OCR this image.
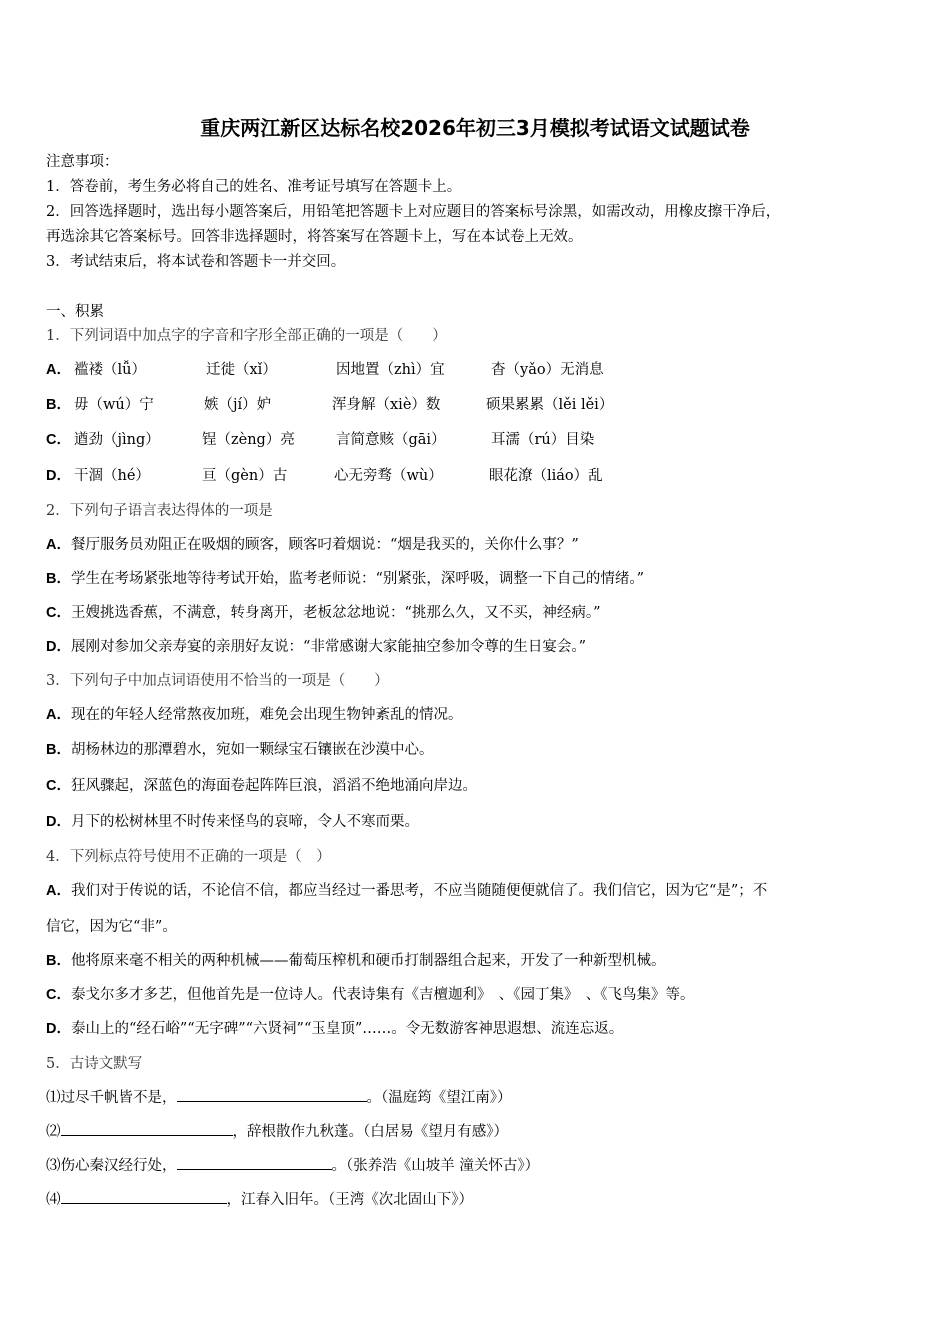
重庆两江新区达标名校2026年初三3月模拟考试语文试题试卷
注意事项：
1．答卷前，考生务必将自己的姓名、准考证号填写在答题卡上。
2．回答选择题时，选出每小题答案后，用铅笔把答题卡上对应题目的答案标号涂黑，如需改动，用橡皮擦干净后，
再选涂其它答案标号。回答非选择题时，将答案写在答题卡上，写在本试卷上无效。
3．考试结束后，将本试卷和答题卡一并交回。
一、积累
1．下列词语中加点字的字音和字形全部正确的一项是（　　）
A． 褴褛（lǚ）	迁徙（xǐ）	因地置（zhì）宜	杳（yǎo）无消息
B． 毋（wú）宁	嫉（jí）妒	浑身解（xiè）数	硕果累累（lěi lěi）
C． 遒劲（jìng）	锃（zèng）亮	言简意赅（gāi）	耳濡（rú）目染
D． 干涸（hé）	亘（gèn）古	心无旁骛（wù）	眼花潦（liáo）乱
2．下列句子语言表达得体的一项是
A．餐厅服务员劝阻正在吸烟的顾客，顾客叼着烟说：“烟是我买的，关你什么事？”
B．学生在考场紧张地等待考试开始，监考老师说：“别紧张，深呼吸，调整一下自己的情绪。”
C．王嫂挑选香蕉，不满意，转身离开，老板忿忿地说：“挑那么久，又不买，神经病。”
D．展刚对参加父亲寿宴的亲朋好友说：“非常感谢大家能抽空参加令尊的生日宴会。”
3．下列句子中加点词语使用不恰当的一项是（　　）
A．现在的年轻人经常熬夜加班，难免会出现生物钟紊乱的情况。
B．胡杨林边的那潭碧水，宛如一颗绿宝石镶嵌在沙漠中心。
C．狂风骤起，深蓝色的海面卷起阵阵巨浪，滔滔不绝地涌向岸边。
D．月下的松树林里不时传来怪鸟的哀啼，令人不寒而栗。
4．下列标点符号使用不正确的一项是（　）
A．我们对于传说的话，不论信不信，都应当经过一番思考，不应当随随便便就信了。我们信它，因为它“是”；不
信它，因为它“非”。
B．他将原来毫不相关的两种机械——葡萄压榨机和硬币打制器组合起来，开发了一种新型机械。
C．泰戈尔多才多艺，但他首先是一位诗人。代表诗集有《吉檀迦利》　、《园丁集》　、《飞鸟集》等。
D．泰山上的“经石峪”“无字碑”“六贤祠”“玉皇顶”……。令无数游客神思遐想、流连忘返。
5．古诗文默写
⑴过尽千帆皆不是，	。（温庭筠《望江南》）
⑵	，辞根散作九秋蓬。（白居易《望月有感》）
⑶伤心秦汉经行处，	。（张养浩《山坡羊 潼关怀古》）
⑷	，江春入旧年。（王湾《次北固山下》）
